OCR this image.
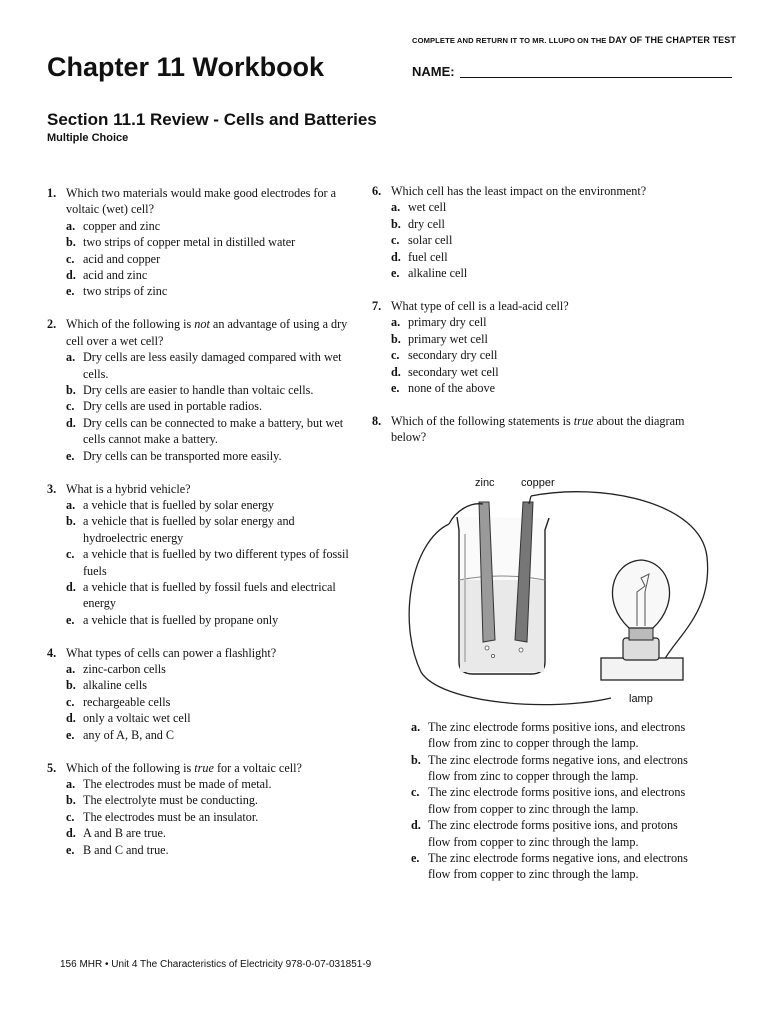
COMPLETE AND RETURN IT TO MR. LLUPO ON THE DAY OF THE CHAPTER TEST
Chapter 11 Workbook	NAME:
Section 11.1 Review - Cells and Batteries
Multiple Choice
1. Which two materials would make good electrodes for a voltaic (wet) cell?
a. copper and zinc
b. two strips of copper metal in distilled water
c. acid and copper
d. acid and zinc
e. two strips of zinc
2. Which of the following is not an advantage of using a dry cell over a wet cell?
a. Dry cells are less easily damaged compared with wet cells.
b. Dry cells are easier to handle than voltaic cells.
c. Dry cells are used in portable radios.
d. Dry cells can be connected to make a battery, but wet cells cannot make a battery.
e. Dry cells can be transported more easily.
3. What is a hybrid vehicle?
a. a vehicle that is fuelled by solar energy
b. a vehicle that is fuelled by solar energy and hydroelectric energy
c. a vehicle that is fuelled by two different types of fossil fuels
d. a vehicle that is fuelled by fossil fuels and electrical energy
e. a vehicle that is fuelled by propane only
4. What types of cells can power a flashlight?
a. zinc-carbon cells
b. alkaline cells
c. rechargeable cells
d. only a voltaic wet cell
e. any of A, B, and C
5. Which of the following is true for a voltaic cell?
a. The electrodes must be made of metal.
b. The electrolyte must be conducting.
c. The electrodes must be an insulator.
d. A and B are true.
e. B and C and true.
6. Which cell has the least impact on the environment?
a. wet cell
b. dry cell
c. solar cell
d. fuel cell
e. alkaline cell
7. What type of cell is a lead-acid cell?
a. primary dry cell
b. primary wet cell
c. secondary dry cell
d. secondary wet cell
e. none of the above
8. Which of the following statements is true about the diagram below?
zinc copper
lamp
a. The zinc electrode forms positive ions, and electrons flow from zinc to copper through the lamp.
b. The zinc electrode forms negative ions, and electrons flow from zinc to copper through the lamp.
c. The zinc electrode forms positive ions, and electrons flow from copper to zinc through the lamp.
d. The zinc electrode forms positive ions, and protons flow from copper to zinc through the lamp.
e. The zinc electrode forms negative ions, and electrons flow from copper to zinc through the lamp.
156 MHR • Unit 4 The Characteristics of Electricity 978-0-07-031851-9
